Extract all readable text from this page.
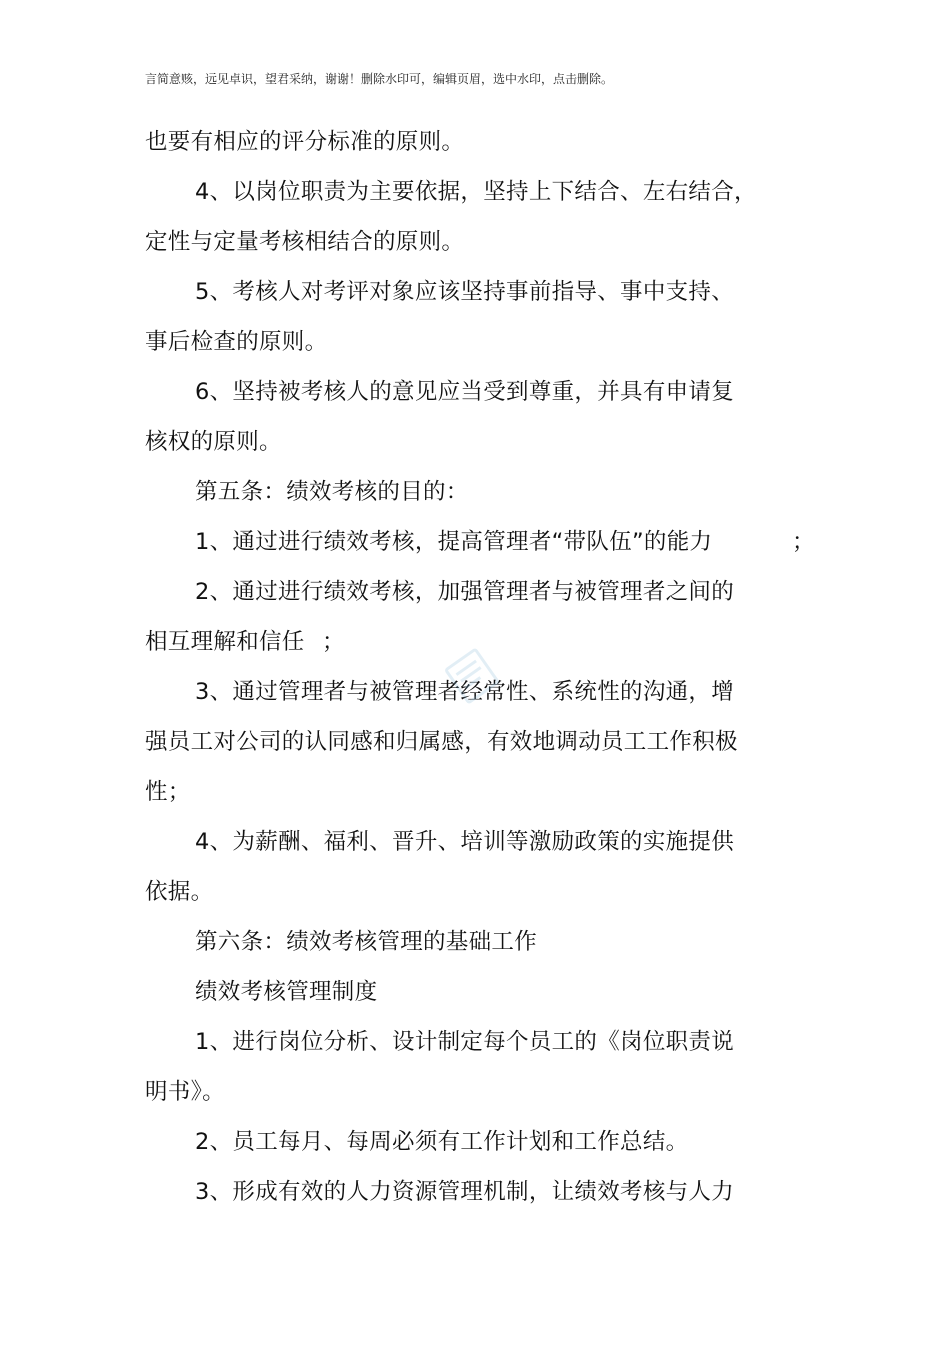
言简意赅，远见卓识，望君采纳，谢谢！删除水印可，编辑页眉，选中水印，点击删除。
也要有相应的评分标准的原则。
4、以岗位职责为主要依据，坚持上下结合、左右结合，
定性与定量考核相结合的原则。
5、考核人对考评对象应该坚持事前指导、事中支持、
事后检查的原则。
6、坚持被考核人的意见应当受到尊重，并具有申请复
核权的原则。
第五条：绩效考核的目的：
1、通过进行绩效考核，提高管理者“带队伍”的能力	；
2、通过进行绩效考核，加强管理者与被管理者之间的
相互理解和信任 ；
3、通过管理者与被管理者经常性、系统性的沟通，增
强员工对公司的认同感和归属感，有效地调动员工工作积极
性；
4、为薪酬、福利、晋升、培训等激励政策的实施提供
依据。
第六条：绩效考核管理的基础工作
绩效考核管理制度
1、进行岗位分析、设计制定每个员工的《岗位职责说
明书》。
2、员工每月、每周必须有工作计划和工作总结。
3、形成有效的人力资源管理机制，让绩效考核与人力
